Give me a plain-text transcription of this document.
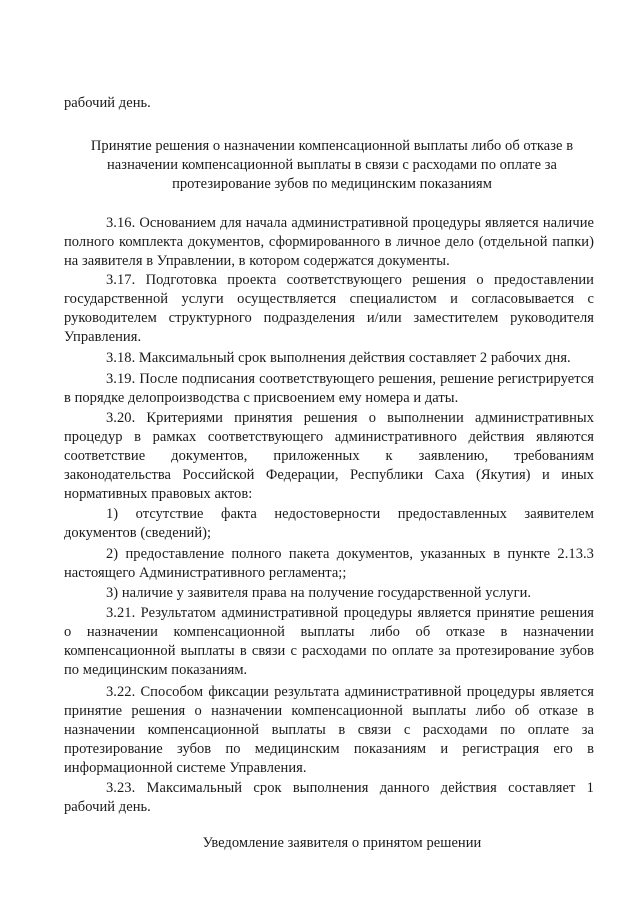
рабочий день.
Принятие решения о назначении компенсационной выплаты либо об отказе в
назначении компенсационной выплаты в связи с расходами по оплате за
протезирование зубов по медицинским показаниям
3.16. Основанием для начала административной процедуры является наличие
полного комплекта документов, сформированного в личное дело (отдельной папки)
на заявителя в Управлении, в котором содержатся документы.
3.17. Подготовка проекта соответствующего решения о предоставлении
государственной услуги осуществляется специалистом и согласовывается с
руководителем структурного подразделения и/или заместителем руководителя
Управления.
3.18. Максимальный срок выполнения действия составляет 2 рабочих дня.
3.19. После подписания соответствующего решения, решение регистрируется
в порядке делопроизводства с присвоением ему номера и даты.
3.20. Критериями принятия решения о выполнении административных
процедур в рамках соответствующего административного действия являются
соответствие документов, приложенных к заявлению, требованиям
законодательства Российской Федерации, Республики Саха (Якутия) и иных
нормативных правовых актов:
1) отсутствие факта недостоверности предоставленных заявителем
документов (сведений);
2) предоставление полного пакета документов, указанных в пункте 2.13.3
настоящего Административного регламента;;
3) наличие у заявителя права на получение государственной услуги.
3.21. Результатом административной процедуры является принятие решения
о назначении компенсационной выплаты либо об отказе в назначении
компенсационной выплаты в связи с расходами по оплате за протезирование зубов
по медицинским показаниям.
3.22. Способом фиксации результата административной процедуры является
принятие решения о назначении компенсационной выплаты либо об отказе в
назначении компенсационной выплаты в связи с расходами по оплате за
протезирование зубов по медицинским показаниям и регистрация его в
информационной системе Управления.
3.23. Максимальный срок выполнения данного действия составляет 1
рабочий день.
Уведомление заявителя о принятом решении
